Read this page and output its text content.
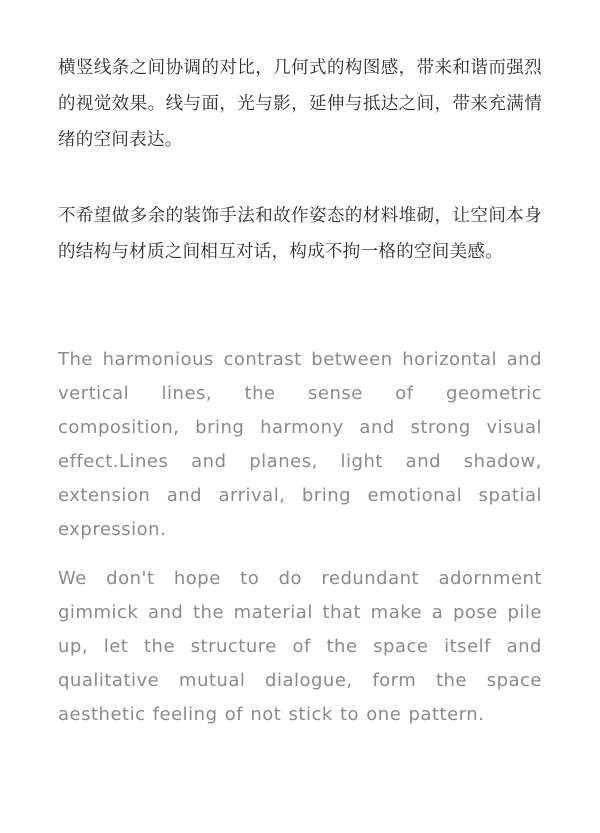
横竖线条之间协调的对比，几何式的构图感，带来和谐而强烈的视觉效果。线与面，光与影，延伸与抵达之间，带来充满情绪的空间表达。

不希望做多余的装饰手法和故作姿态的材料堆砌，让空间本身的结构与材质之间相互对话，构成不拘一格的空间美感。

The harmonious contrast between horizontal and vertical lines, the sense of geometric composition, bring harmony and strong visual effect.Lines and planes, light and shadow, extension and arrival, bring emotional spatial expression.

We don't hope to do redundant adornment gimmick and the material that make a pose pile up, let the structure of the space itself and qualitative mutual dialogue, form the space aesthetic feeling of not stick to one pattern.
